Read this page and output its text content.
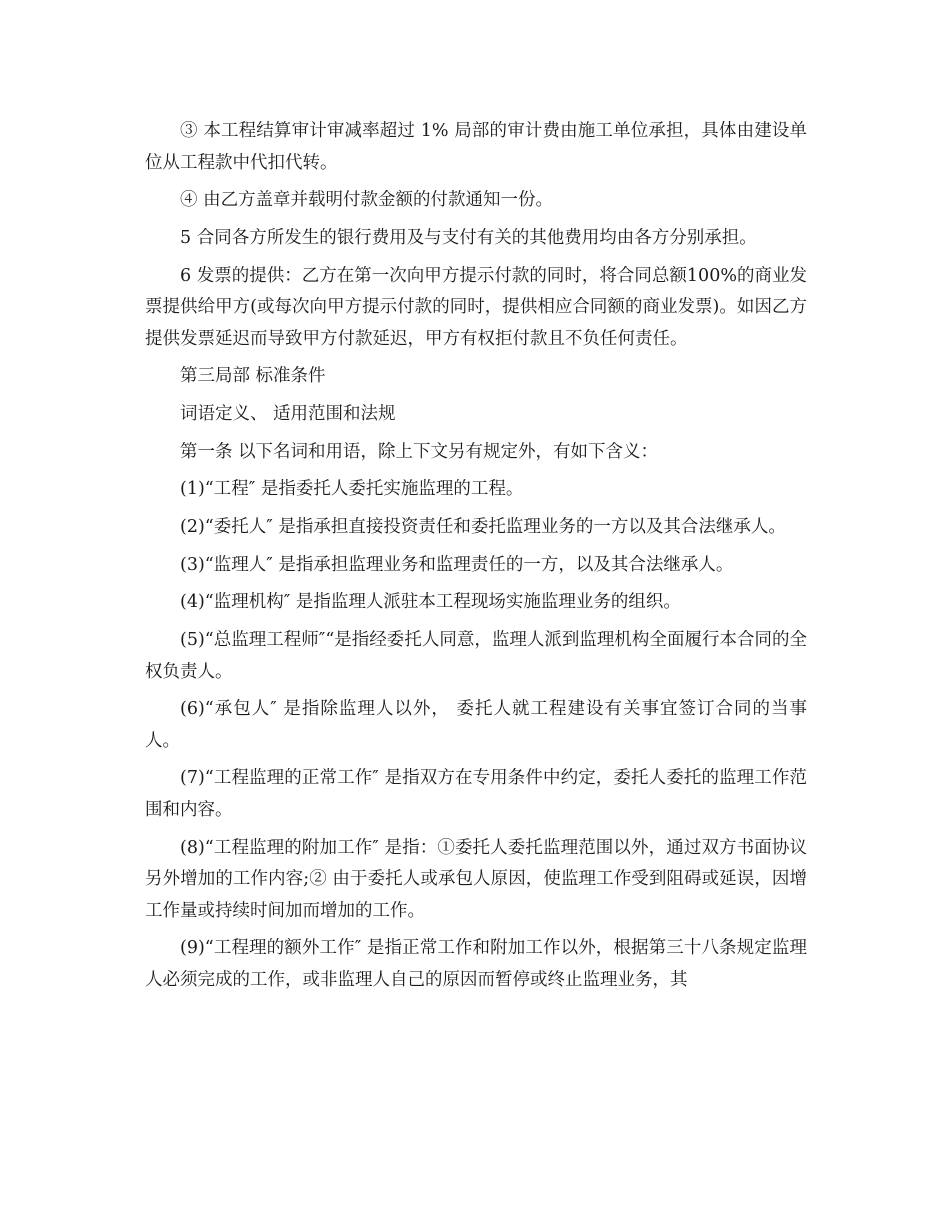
③ 本工程结算审计审减率超过 1% 局部的审计费由施工单位承担，具体由建设单位从工程款中代扣代转。

④ 由乙方盖章并载明付款金额的付款通知一份。

5 合同各方所发生的银行费用及与支付有关的其他费用均由各方分别承担。

6 发票的提供：乙方在第一次向甲方提示付款的同时，将合同总额100%的商业发票提供给甲方(或每次向甲方提示付款的同时，提供相应合同额的商业发票)。如因乙方提供发票延迟而导致甲方付款延迟，甲方有权拒付款且不负任何责任。

第三局部 标准条件

词语定义、 适用范围和法规

第一条 以下名词和用语，除上下文另有规定外，有如下含义：

(1)“工程″ 是指委托人委托实施监理的工程。

(2)“委托人″ 是指承担直接投资责任和委托监理业务的一方以及其合法继承人。

(3)“监理人″ 是指承担监理业务和监理责任的一方，以及其合法继承人。

(4)“监理机构″ 是指监理人派驻本工程现场实施监理业务的组织。

(5)“总监理工程师″“是指经委托人同意，监理人派到监理机构全面履行本合同的全权负责人。

(6)“承包人″ 是指除监理人以外， 委托人就工程建设有关事宜签订合同的当事人。

(7)“工程监理的正常工作″ 是指双方在专用条件中约定，委托人委托的监理工作范围和内容。

(8)“工程监理的附加工作″ 是指：①委托人委托监理范围以外，通过双方书面协议另外增加的工作内容;② 由于委托人或承包人原因，使监理工作受到阻碍或延误，因增工作量或持续时间加而增加的工作。

(9)“工程理的额外工作″ 是指正常工作和附加工作以外，根据第三十八条规定监理人必须完成的工作，或非监理人自己的原因而暂停或终止监理业务，其
